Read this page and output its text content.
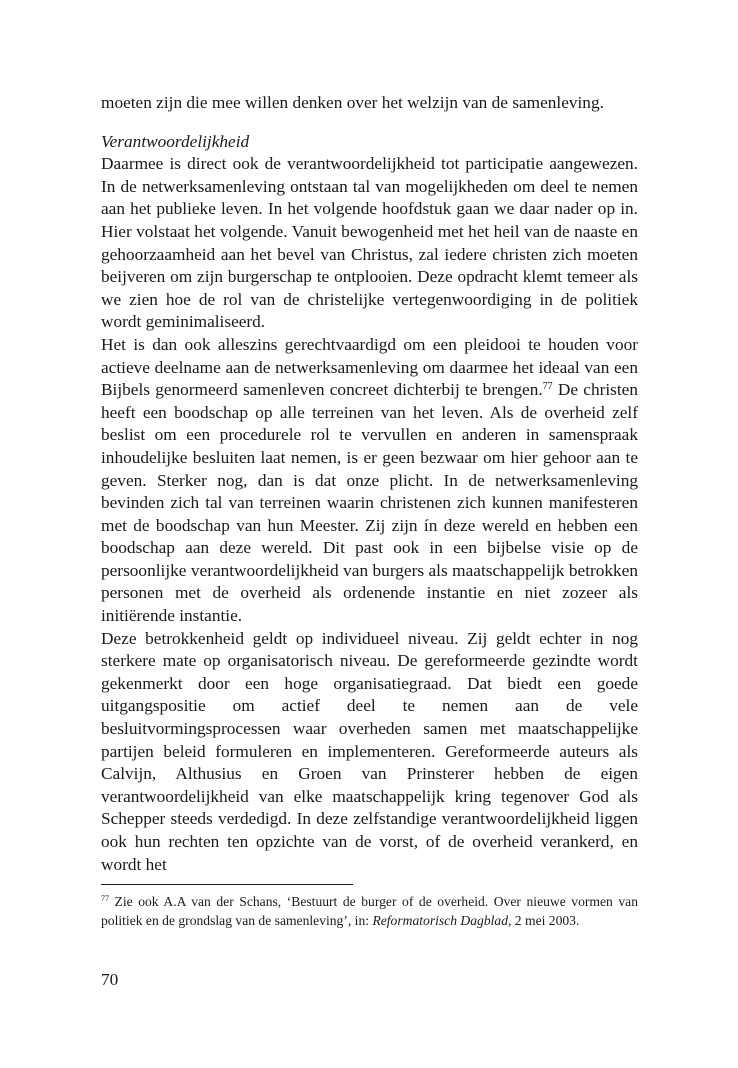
moeten zijn die mee willen denken over het welzijn van de samenleving.

Verantwoordelijkheid

Daarmee is direct ook de verantwoordelijkheid tot participatie aangewezen. In de netwerksamenleving ontstaan tal van mogelijkheden om deel te nemen aan het publieke leven. In het volgende hoofdstuk gaan we daar nader op in. Hier volstaat het volgende. Vanuit bewogenheid met het heil van de naaste en gehoorzaamheid aan het bevel van Christus, zal iedere christen zich moeten beijveren om zijn burgerschap te ontplooien. Deze opdracht klemt temeer als we zien hoe de rol van de christelijke vertegenwoordiging in de politiek wordt geminimaliseerd.

Het is dan ook alleszins gerechtvaardigd om een pleidooi te houden voor actieve deelname aan de netwerksamenleving om daarmee het ideaal van een Bijbels genormeerd samenleven concreet dichterbij te brengen.$^{77}$ De christen heeft een boodschap op alle terreinen van het leven. Als de overheid zelf beslist om een procedurele rol te vervullen en anderen in samenspraak inhoudelijke besluiten laat nemen, is er geen bezwaar om hier gehoor aan te geven. Sterker nog, dan is dat onze plicht. In de netwerksamenleving bevinden zich tal van terreinen waarin christenen zich kunnen manifesteren met de boodschap van hun Meester. Zij zijn ín deze wereld en hebben een boodschap aan deze wereld. Dit past ook in een bijbelse visie op de persoonlijke verantwoordelijkheid van burgers als maatschappelijk betrokken personen met de overheid als ordenende instantie en niet zozeer als initiërende instantie.

Deze betrokkenheid geldt op individueel niveau. Zij geldt echter in nog sterkere mate op organisatorisch niveau. De gereformeerde gezindte wordt gekenmerkt door een hoge organisatiegraad. Dat biedt een goede uitgangspositie om actief deel te nemen aan de vele besluitvormingsprocessen waar overheden samen met maatschappelijke partijen beleid formuleren en implementeren. Gereformeerde auteurs als Calvijn, Althusius en Groen van Prinsterer hebben de eigen verantwoordelijkheid van elke maatschappelijk kring tegenover God als Schepper steeds verdedigd. In deze zelfstandige verantwoordelijkheid liggen ook hun rechten ten opzichte van de vorst, of de overheid verankerd, en wordt het

$^{77}$ Zie ook A.A van der Schans, ‘Bestuurt de burger of de overheid. Over nieuwe vormen van politiek en de grondslag van de samenleving’, in: Reformatorisch Dagblad, 2 mei 2003.

70
